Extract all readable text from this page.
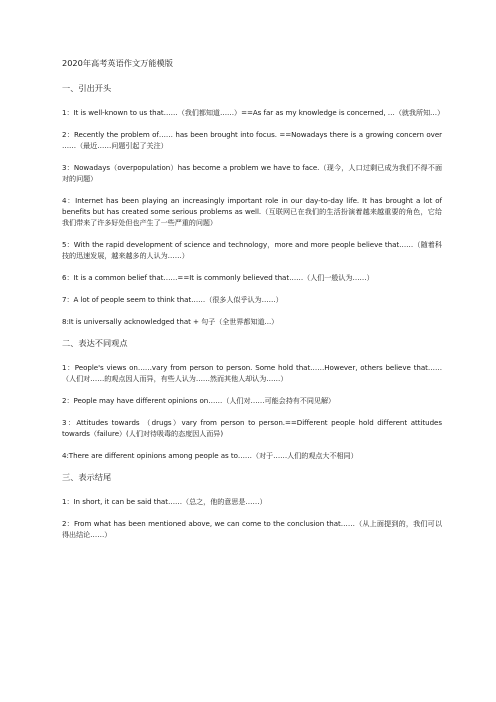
2020年高考英语作文万能模版
一、引出开头

1：It is well-known to us that……（我们都知道……）==As far as my knowledge is concerned, …（就我所知…）

2：Recently the problem of…… has been brought into focus. ==Nowadays there is a growing concern over ……（最近……问题引起了关注）

3：Nowadays（overpopulation）has become a problem we have to face.（现今，人口过剩已成为我们不得不面对的问题）

4：Internet has been playing an increasingly important role in our day-to-day life. It has brought a lot of benefits but has created some serious problems as well.（互联网已在我们的生活扮演着越来越重要的角色，它给我们带来了许多好处但也产生了一些严重的问题）

5：With the rapid development of science and technology，more and more people believe that……（随着科技的迅速发展，越来越多的人认为……）

6：It is a common belief that……==It is commonly believed that……（人们一般认为……）

7：A lot of people seem to think that……（很多人似乎认为……）

8:It is universally acknowledged that + 句子（全世界都知道...）

二、表达不同观点

1：People's views on……vary from person to person. Some hold that……However, others believe that……（人们对……的观点因人而异，有些人认为……然而其他人却认为……）

2：People may have different opinions on……（人们对……可能会持有不同见解）

3：Attitudes towards （drugs）vary from person to person.==Different people hold different attitudes towards（failure）(人们对待吸毒的态度因人而异)

4:There are different opinions among people as to……（对于……人们的观点大不相同）

三、表示结尾

1：In short, it can be said that……（总之，他的意思是……）

2：From what has been mentioned above, we can come to the conclusion that……（从上面提到的，我们可以得出结论……）
